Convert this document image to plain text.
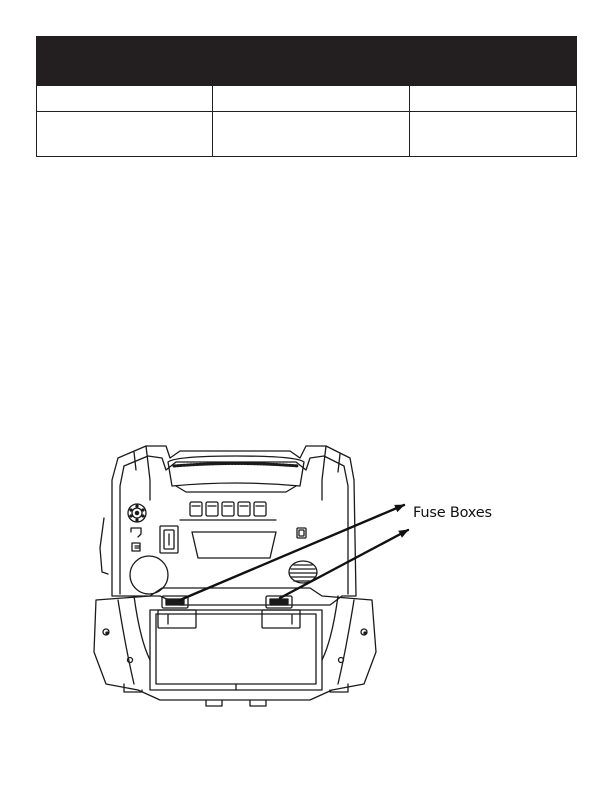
Fuse Boxes
